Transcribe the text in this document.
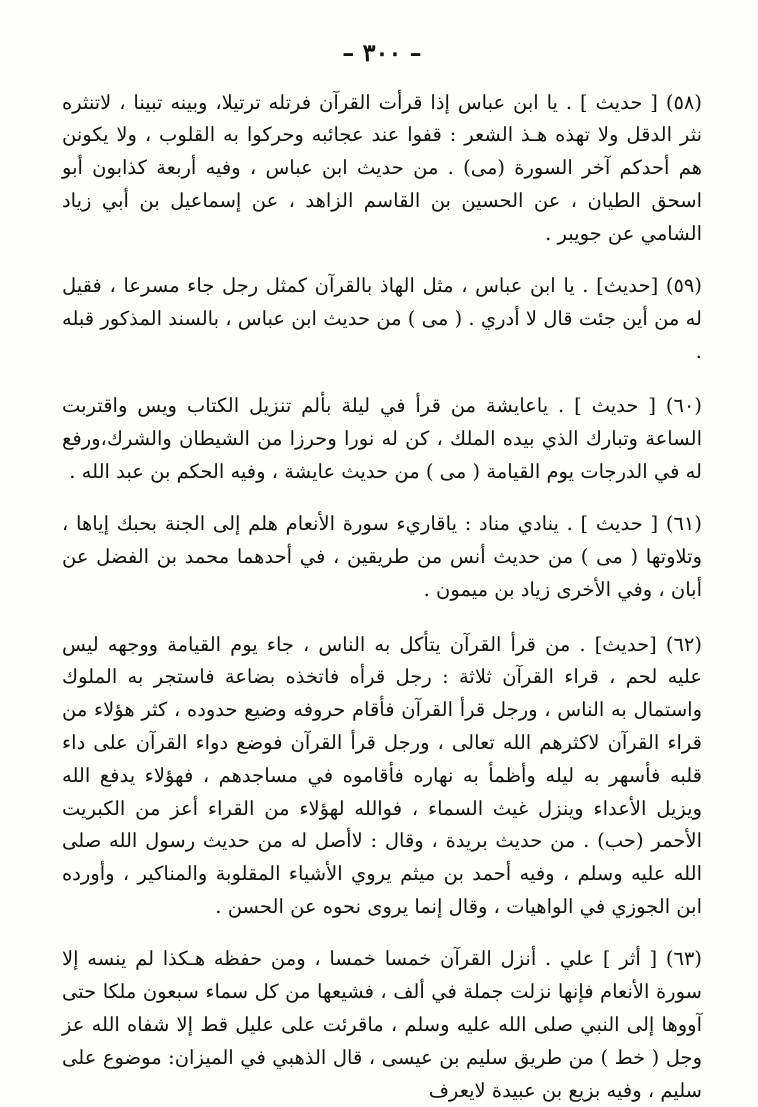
– ٣٠٠ –

(٥٨) [ حديث ] . يا ابن عباس إذا قرأت القرآن فرتله ترتيلا، وبينه تبينا ، لاتنثره نثر الدقل ولا تهذه هـذ الشعر : قفوا عند عجائبه وحركوا به القلوب ، ولا يكونن هم أحدكم آخر السورة (مى) . من حديث ابن عباس ، وفيه أربعة كذابون أبو اسحق الطيان ، عن الحسين بن القاسم الزاهد ، عن إسماعيل بن أبي زياد الشامي عن جويبر .

(٥٩) [حديث] . يا ابن عباس ، مثل الهاذ بالقرآن كمثل رجل جاء مسرعا ، فقيل له من أين جئت قال لا أدري . ( مى ) من حديث ابن عباس ، بالسند المذكور قبله .

(٦٠) [ حديث ] . ياعايشة من قرأ في ليلة بألم تنزيل الكتاب ويس واقتربت الساعة وتبارك الذي بيده الملك ، كن له نورا وحرزا من الشيطان والشرك،ورفع له في الدرجات يوم القيامة ( مى ) من حديث عايشة ، وفيه الحكم بن عبد الله .

(٦١) [ حديث ] . ينادي مناد : ياقاريء سورة الأنعام هلم إلى الجنة بحبك إياها ، وتلاوتها ( مى ) من حديث أنس من طريقين ، في أحدهما محمد بن الفضل عن أبان ، وفي الأخرى زياد بن ميمون .

(٦٢) [حديث] . من قرأ القرآن يتأكل به الناس ، جاء يوم القيامة ووجهه ليس عليه لحم ، قراء القرآن ثلاثة : رجل قرأه فاتخذه بضاعة فاستجر به الملوك واستمال به الناس ، ورجل قرأ القرآن فأقام حروفه وضيع حدوده ، كثر هؤلاء من قراء القرآن لاكثرهم الله تعالى ، ورجل قرأ القرآن فوضع دواء القرآن على داء قلبه فأسهر به ليله وأظمأ به نهاره فأقاموه في مساجدهم ، فهؤلاء يدفع الله ويزيل الأعداء وينزل غيث السماء ، فوالله لهؤلاء من القراء أعز من الكبريت الأحمر (حب) . من حديث بريدة ، وقال : لاأصل له من حديث رسول الله صلى الله عليه وسلم ، وفيه أحمد بن ميثم يروي الأشياء المقلوبة والمناكير ، وأورده ابن الجوزي في الواهيات ، وقال إنما يروى نحوه عن الحسن .

(٦٣) [ أثر ] علي . أنزل القرآن خمسا خمسا ، ومن حفظه هـكذا لم ينسه إلا سورة الأنعام فإنها نزلت جملة في ألف ، فشيعها من كل سماء سبعون ملكا حتى آووها إلى النبي صلى الله عليه وسلم ، ماقرئت على عليل قط إلا شفاه الله عز وجل ( خط ) من طريق سليم بن عيسى ، قال الذهبي في الميزان: موضوع على سليم ، وفيه بزيع بن عبيدة لايعرف
